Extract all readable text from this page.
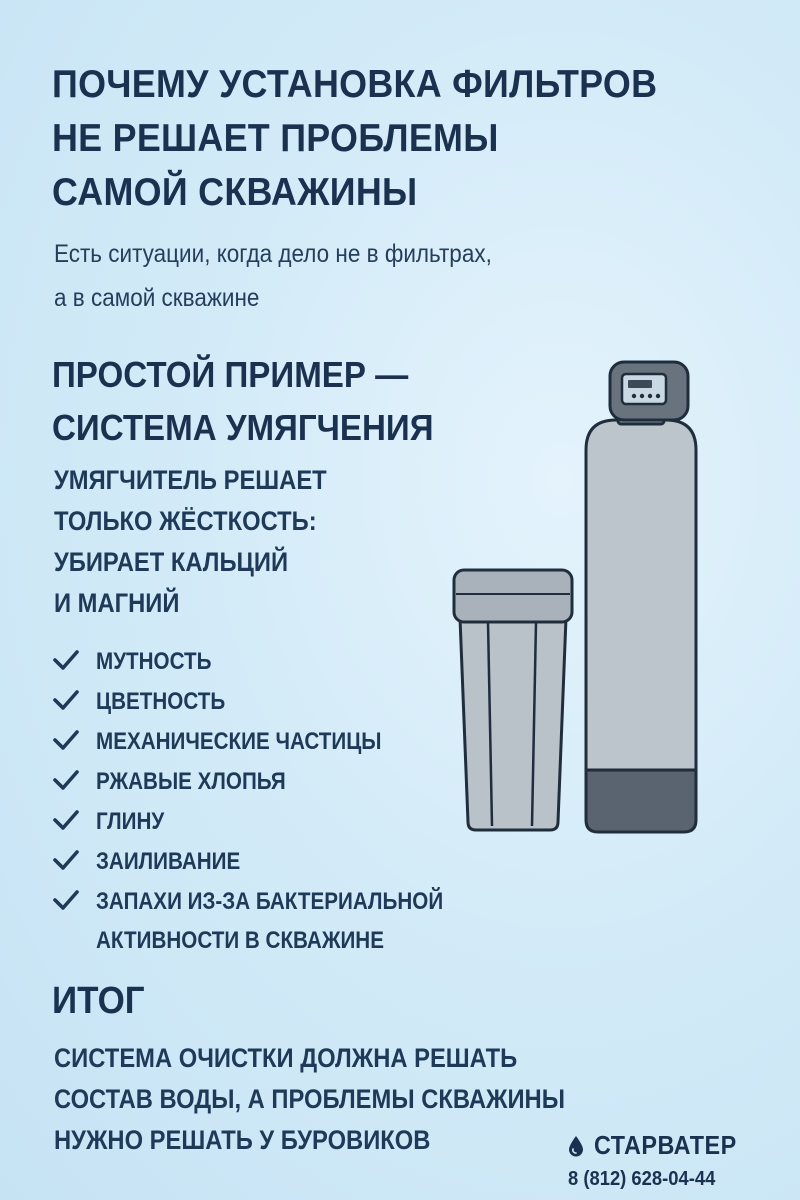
ПОЧЕМУ УСТАНОВКА ФИЛЬТРОВ
НЕ РЕШАЕТ ПРОБЛЕМЫ
САМОЙ СКВАЖИНЫ
Есть ситуации, когда дело не в фильтрах,
а в самой скважине
ПРОСТОЙ ПРИМЕР —
СИСТЕМА УМЯГЧЕНИЯ
УМЯГЧИТЕЛЬ РЕШАЕТ
ТОЛЬКО ЖЁСТКОСТЬ:
УБИРАЕТ КАЛЬЦИЙ
И МАГНИЙ
МУТНОСТЬ
ЦВЕТНОСТЬ
МЕХАНИЧЕСКИЕ ЧАСТИЦЫ
РЖАВЫЕ ХЛОПЬЯ
ГЛИНУ
ЗАИЛИВАНИЕ
ЗАПАХИ ИЗ-ЗА БАКТЕРИАЛЬНОЙ
АКТИВНОСТИ В СКВАЖИНЕ
ИТОГ
СИСТЕМА ОЧИСТКИ ДОЛЖНА РЕШАТЬ
СОСТАВ ВОДЫ, А ПРОБЛЕМЫ СКВАЖИНЫ
НУЖНО РЕШАТЬ У БУРОВИКОВ	СТАРВАТЕР
8 (812) 628-04-44
